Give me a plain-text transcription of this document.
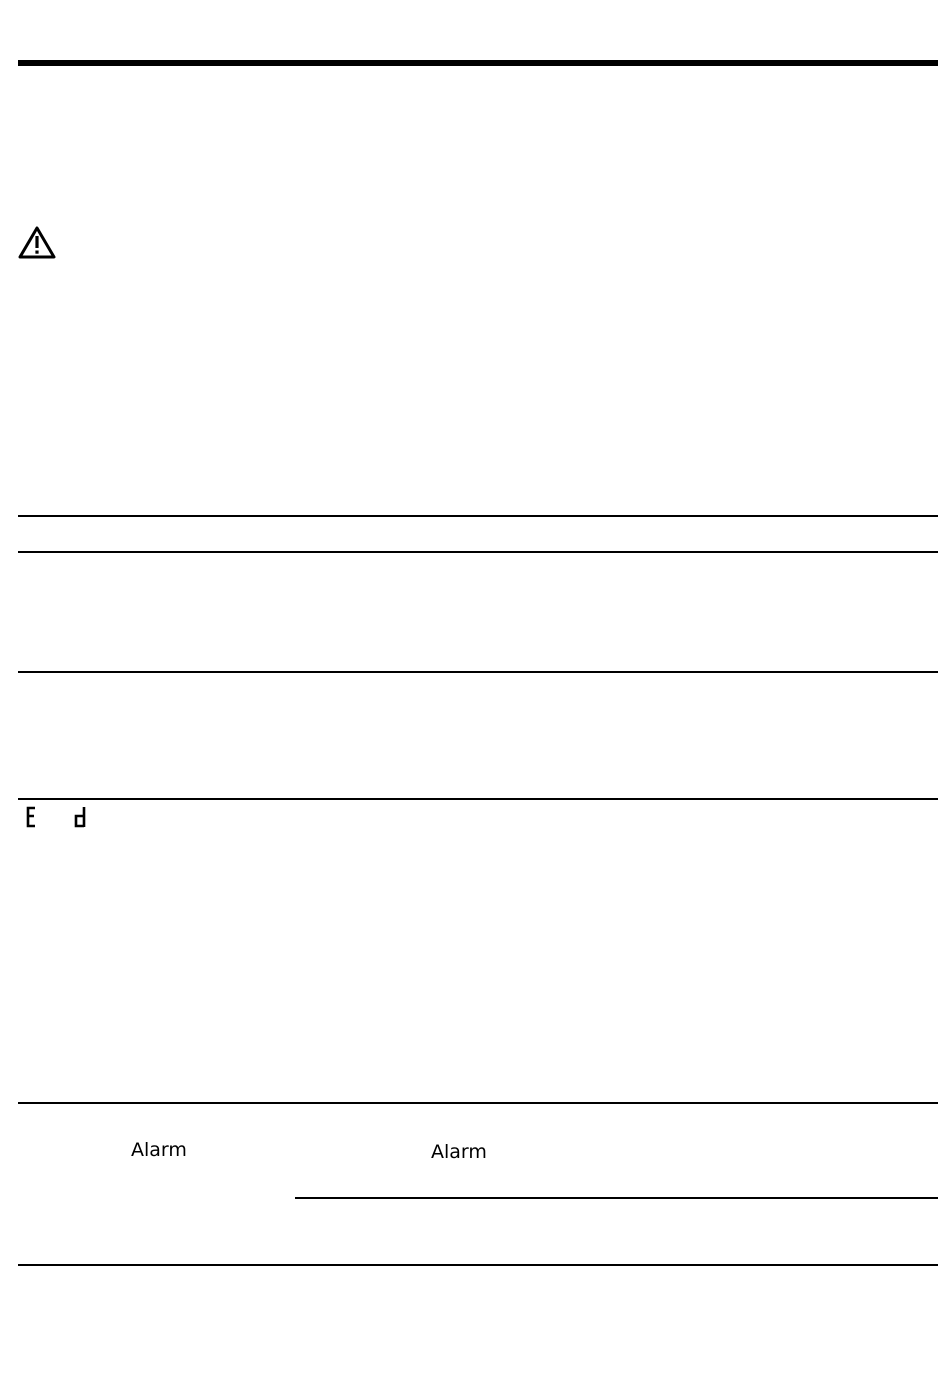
Alarm	Alarm
